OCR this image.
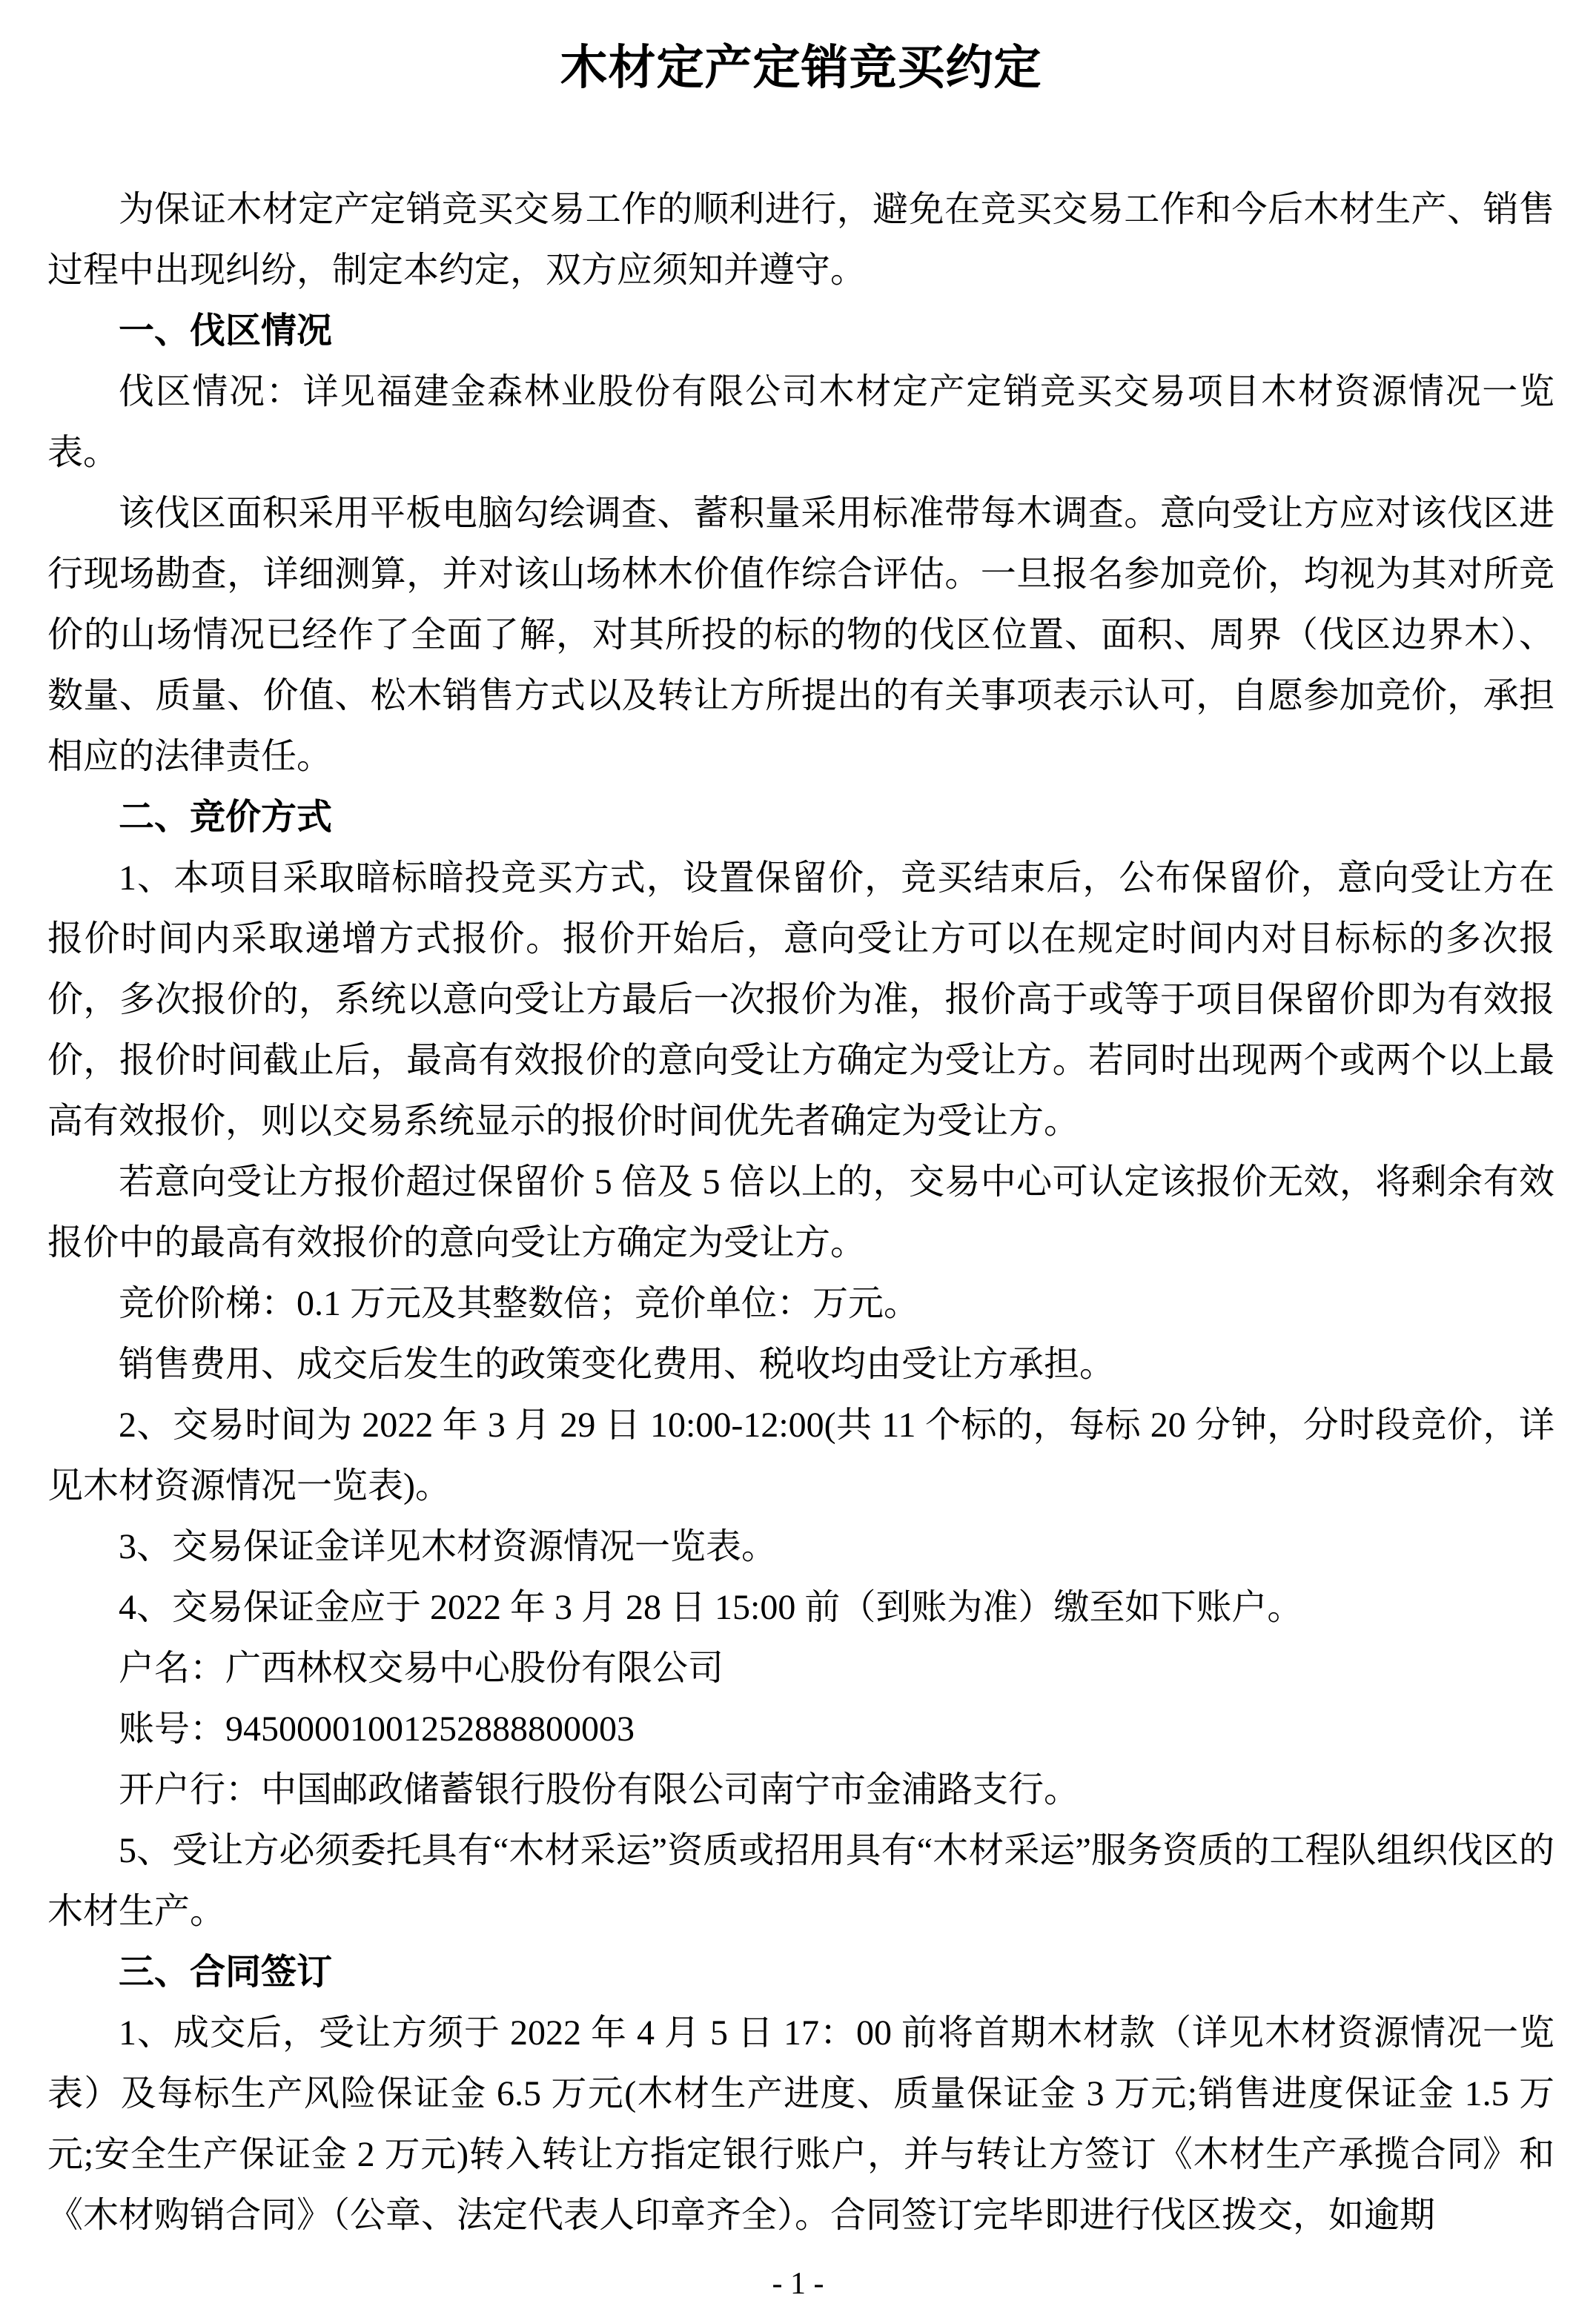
木材定产定销竞买约定

为保证木材定产定销竞买交易工作的顺利进行，避免在竞买交易工作和今后木材生产、销售过程中出现纠纷，制定本约定，双方应须知并遵守。

一、伐区情况

伐区情况：详见福建金森林业股份有限公司木材定产定销竞买交易项目木材资源情况一览表。

该伐区面积采用平板电脑勾绘调查、蓄积量采用标准带每木调查。意向受让方应对该伐区进行现场勘查，详细测算，并对该山场林木价值作综合评估。一旦报名参加竞价，均视为其对所竞价的山场情况已经作了全面了解，对其所投的标的物的伐区位置、面积、周界（伐区边界木）、数量、质量、价值、松木销售方式以及转让方所提出的有关事项表示认可，自愿参加竞价，承担相应的法律责任。

二、竞价方式

1、本项目采取暗标暗投竞买方式，设置保留价，竞买结束后，公布保留价，意向受让方在报价时间内采取递增方式报价。报价开始后，意向受让方可以在规定时间内对目标标的多次报价，多次报价的，系统以意向受让方最后一次报价为准，报价高于或等于项目保留价即为有效报价，报价时间截止后，最高有效报价的意向受让方确定为受让方。若同时出现两个或两个以上最高有效报价，则以交易系统显示的报价时间优先者确定为受让方。

若意向受让方报价超过保留价 5 倍及 5 倍以上的，交易中心可认定该报价无效，将剩余有效报价中的最高有效报价的意向受让方确定为受让方。

竞价阶梯：0.1 万元及其整数倍；竞价单位：万元。

销售费用、成交后发生的政策变化费用、税收均由受让方承担。

2、交易时间为 2022 年 3 月 29 日 10:00-12:00(共 11 个标的，每标 20 分钟，分时段竞价，详见木材资源情况一览表)。

3、交易保证金详见木材资源情况一览表。

4、交易保证金应于 2022 年 3 月 28 日 15:00 前（到账为准）缴至如下账户。

户名：广西林权交易中心股份有限公司

账号：94500001001252888800003

开户行：中国邮政储蓄银行股份有限公司南宁市金浦路支行。

5、受让方必须委托具有“木材采运”资质或招用具有“木材采运”服务资质的工程队组织伐区的木材生产。

三、合同签订

1、成交后，受让方须于 2022 年 4 月 5 日 17：00 前将首期木材款（详见木材资源情况一览表）及每标生产风险保证金 6.5 万元(木材生产进度、质量保证金 3 万元;销售进度保证金 1.5 万元;安全生产保证金 2 万元)转入转让方指定银行账户，并与转让方签订《木材生产承揽合同》和《木材购销合同》（公章、法定代表人印章齐全）。合同签订完毕即进行伐区拨交，如逾期

- 1 -
